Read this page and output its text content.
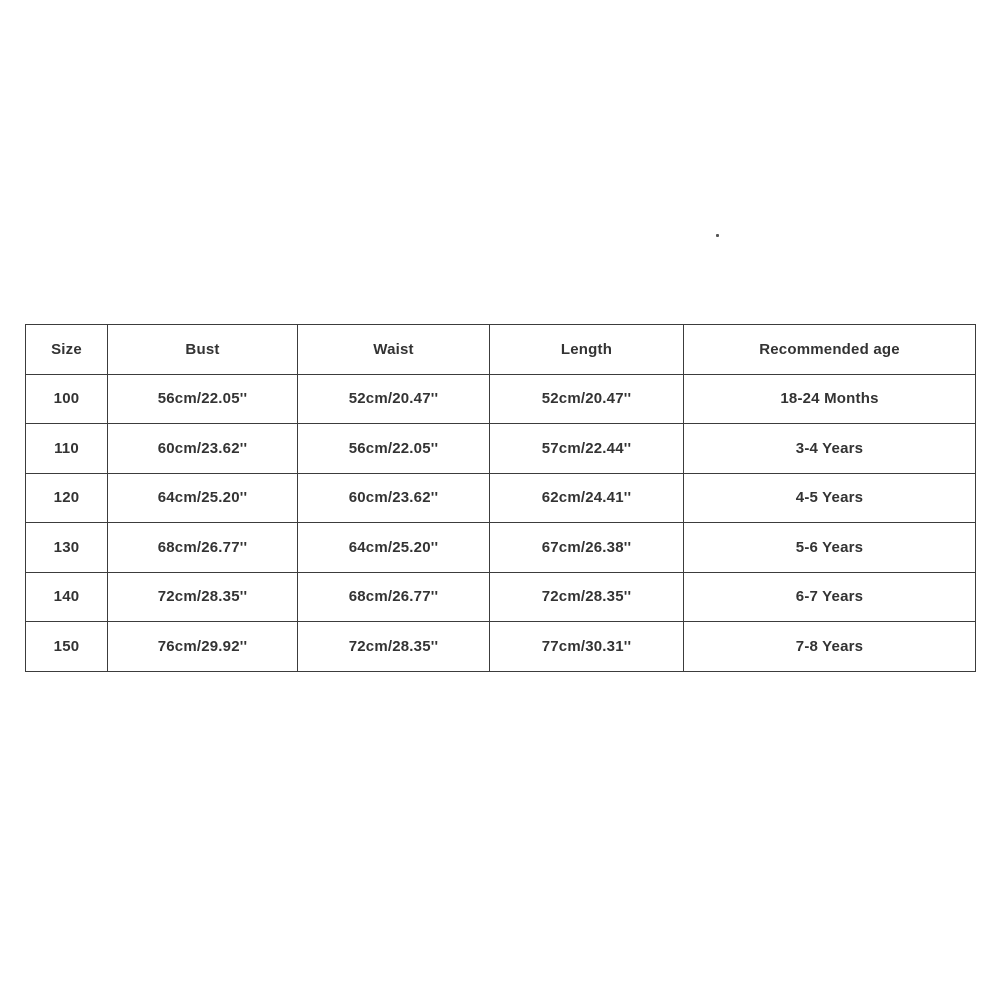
Size	Bust	Waist	Length	Recommended age
100	56cm/22.05''	52cm/20.47''	52cm/20.47''	18-24 Months
110	60cm/23.62''	56cm/22.05''	57cm/22.44''	3-4 Years
120	64cm/25.20''	60cm/23.62''	62cm/24.41''	4-5 Years
130	68cm/26.77''	64cm/25.20''	67cm/26.38''	5-6 Years
140	72cm/28.35''	68cm/26.77''	72cm/28.35''	6-7 Years
150	76cm/29.92''	72cm/28.35''	77cm/30.31''	7-8 Years
